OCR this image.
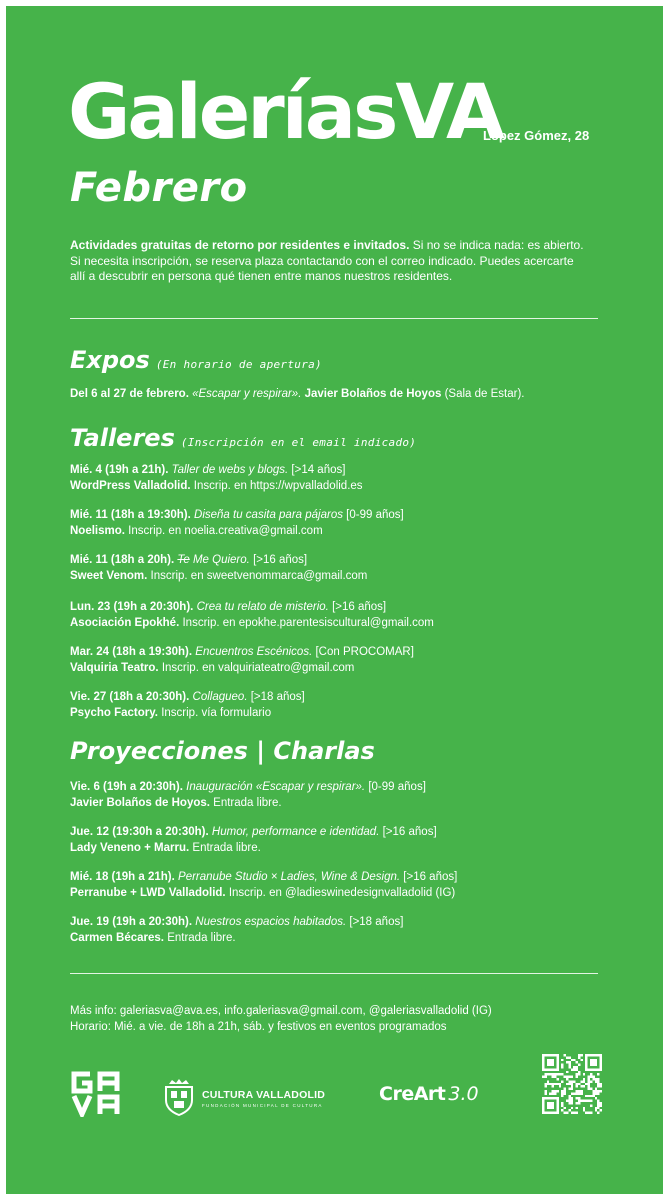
GaleríasVA
López Gómez, 28
Febrero
Actividades gratuitas de retorno por residentes e invitados. Si no se indica nada: es abierto.
Si necesita inscripción, se reserva plaza contactando con el correo indicado. Puedes acercarte
allí a descubrir en persona qué tienen entre manos nuestros residentes.
Expos (En horario de apertura)
Del 6 al 27 de febrero. «Escapar y respirar». Javier Bolaños de Hoyos (Sala de Estar).
Talleres (Inscripción en el email indicado)
Mié. 4 (19h a 21h). Taller de webs y blogs. [>14 años]
WordPress Valladolid. Inscrip. en https://wpvalladolid.es
Mié. 11 (18h a 19:30h). Diseña tu casita para pájaros [0-99 años]
Noelismo. Inscrip. en noelia.creativa@gmail.com
Mié. 11 (18h a 20h). Te Me Quiero. [>16 años]
Sweet Venom. Inscrip. en sweetvenommarca@gmail.com
Lun. 23 (19h a 20:30h). Crea tu relato de misterio. [>16 años]
Asociación Epokhé. Inscrip. en epokhe.parentesiscultural@gmail.com
Mar. 24 (18h a 19:30h). Encuentros Escénicos. [Con PROCOMAR]
Valquiria Teatro. Inscrip. en valquiriateatro@gmail.com
Vie. 27 (18h a 20:30h). Collagueo. [>18 años]
Psycho Factory. Inscrip. vía formulario
Proyecciones | Charlas
Vie. 6 (19h a 20:30h). Inauguración «Escapar y respirar». [0-99 años]
Javier Bolaños de Hoyos. Entrada libre.
Jue. 12 (19:30h a 20:30h). Humor, performance e identidad. [>16 años]
Lady Veneno + Marru. Entrada libre.
Mié. 18 (19h a 21h). Perranube Studio × Ladies, Wine & Design. [>16 años]
Perranube + LWD Valladolid. Inscrip. en @ladieswinedesignvalladolid (IG)
Jue. 19 (19h a 20:30h). Nuestros espacios habitados. [>18 años]
Carmen Bécares. Entrada libre.
Más info: galeriasva@ava.es, info.galeriasva@gmail.com, @galeriasvalladolid (IG)
Horario: Mié. a vie. de 18h a 21h, sáb. y festivos en eventos programados
CULTURA VALLADOLID
FUNDACIÓN MUNICIPAL DE CULTURA
CreArt 3.0
